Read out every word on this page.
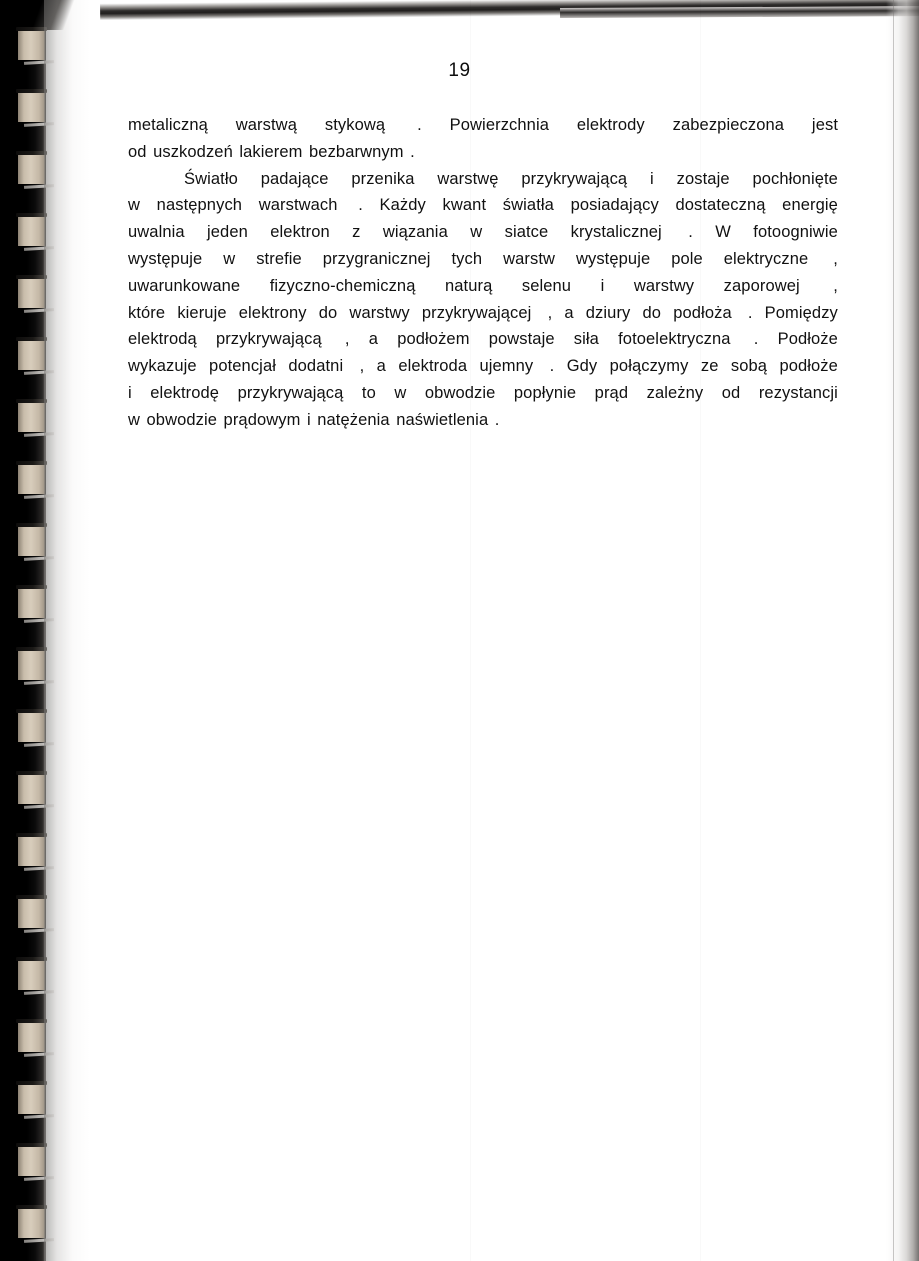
19
metaliczną warstwą stykową . Powierzchnia elektrody zabezpieczona jest
od uszkodzeń lakierem bezbarwnym .
Światło padające przenika warstwę przykrywającą i zostaje pochłonięte
w następnych warstwach . Każdy kwant światła posiadający dostateczną energię
uwalnia jeden elektron z wiązania w siatce krystalicznej . W fotoogniwie
występuje w strefie przygranicznej tych warstw występuje pole elektryczne ,
uwarunkowane fizyczno-chemiczną naturą selenu i warstwy zaporowej ,
które kieruje elektrony do warstwy przykrywającej , a dziury do podłoża . Pomiędzy
elektrodą przykrywającą , a podłożem powstaje siła fotoelektryczna . Podłoże
wykazuje potencjał dodatni , a elektroda ujemny . Gdy połączymy ze sobą podłoże
i elektrodę przykrywającą to w obwodzie popłynie prąd zależny od rezystancji
w obwodzie prądowym i natężenia naświetlenia .
